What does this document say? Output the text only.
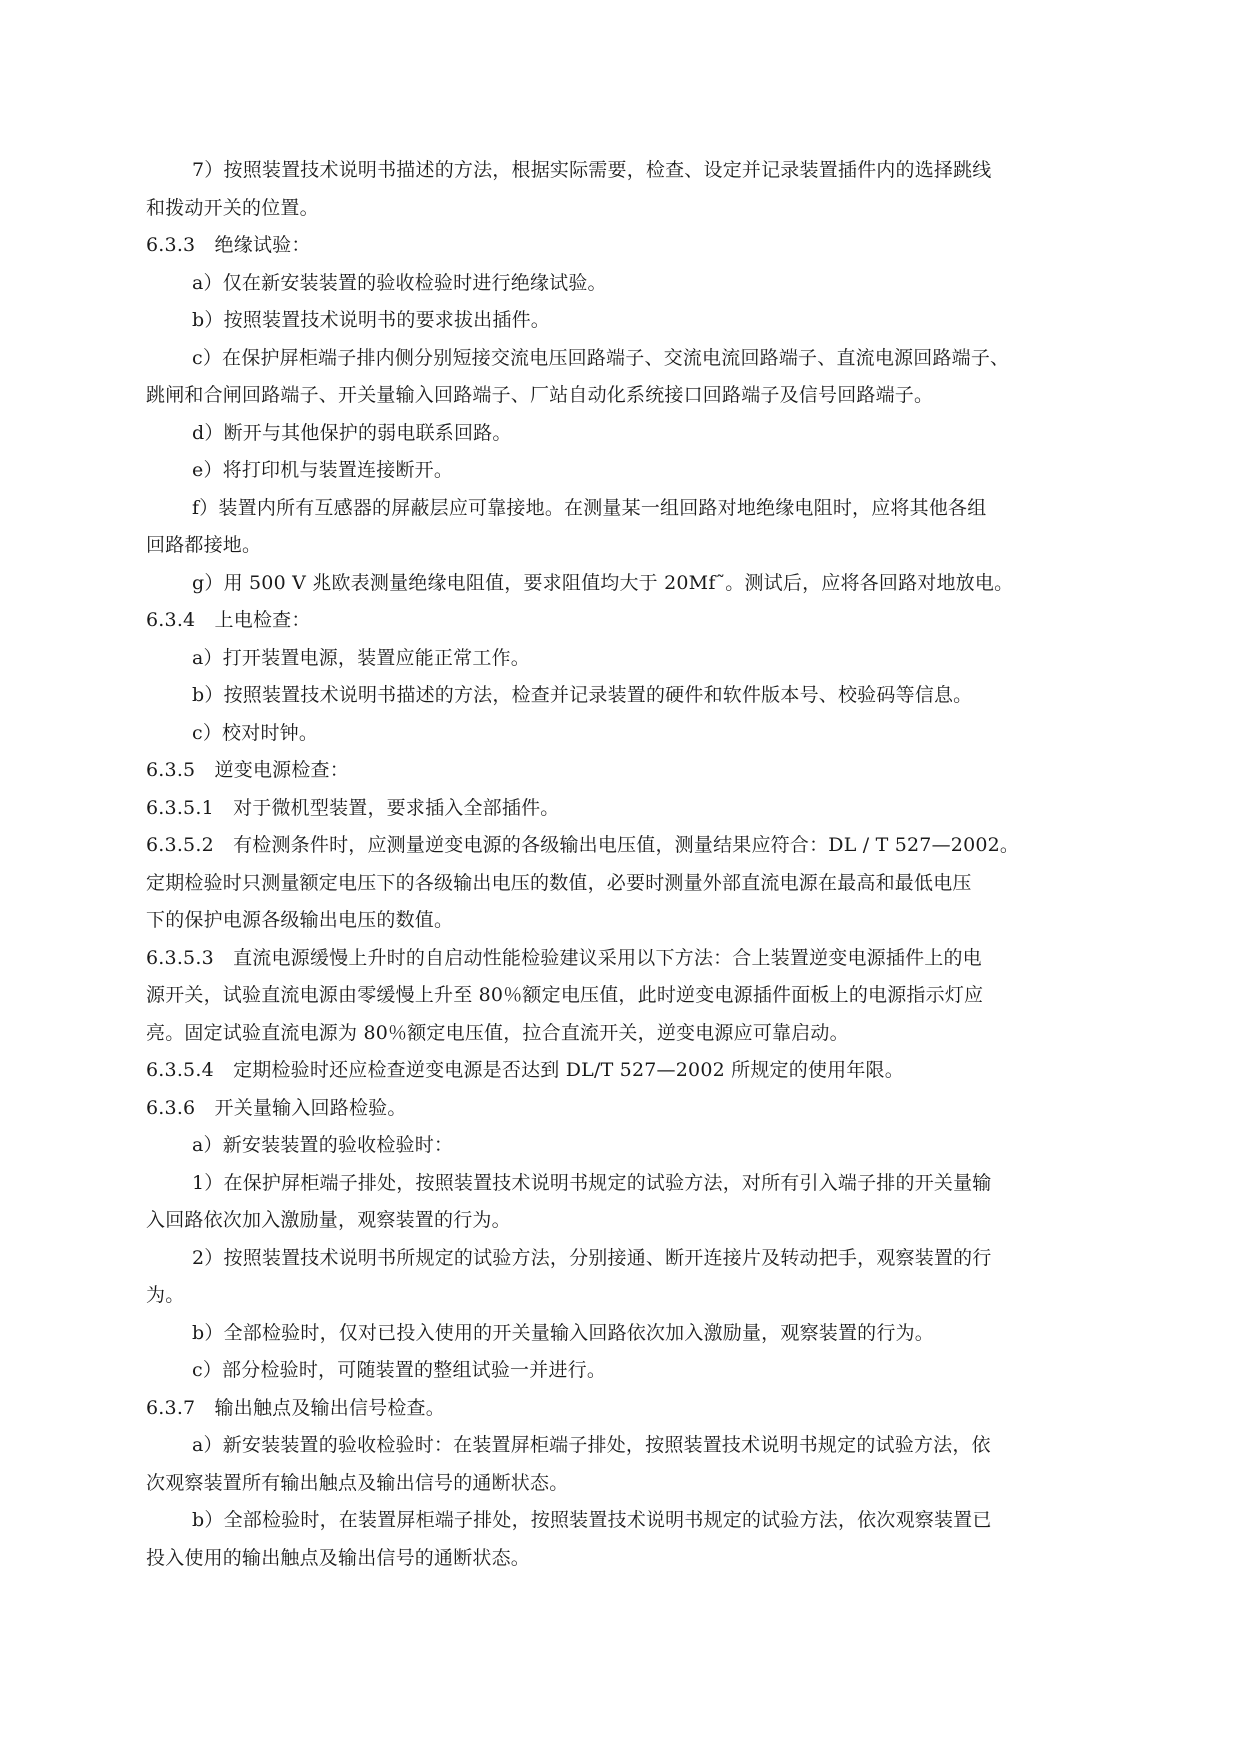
7）按照装置技术说明书描述的方法，根据实际需要，检查、设定并记录装置插件内的选择跳线
和拨动开关的位置。
6.3.3　绝缘试验：
a）仅在新安装装置的验收检验时进行绝缘试验。
b）按照装置技术说明书的要求拔出插件。
c）在保护屏柜端子排内侧分别短接交流电压回路端子、交流电流回路端子、直流电源回路端子、
跳闸和合闸回路端子、开关量输入回路端子、厂站自动化系统接口回路端子及信号回路端子。
d）断开与其他保护的弱电联系回路。
e）将打印机与装置连接断开。
f）装置内所有互感器的屏蔽层应可靠接地。在测量某一组回路对地绝缘电阻时，应将其他各组
回路都接地。
g）用 500 V 兆欧表测量绝缘电阻值，要求阻值均大于 20Mf˜。测试后，应将各回路对地放电。
6.3.4　上电检查：
a）打开装置电源，装置应能正常工作。
b）按照装置技术说明书描述的方法，检查并记录装置的硬件和软件版本号、校验码等信息。
c）校对时钟。
6.3.5　逆变电源检查：
6.3.5.1　对于微机型装置，要求插入全部插件。
6.3.5.2　有检测条件时，应测量逆变电源的各级输出电压值，测量结果应符合：DL / T 527—2002。
定期检验时只测量额定电压下的各级输出电压的数值，必要时测量外部直流电源在最高和最低电压
下的保护电源各级输出电压的数值。
6.3.5.3　直流电源缓慢上升时的自启动性能检验建议采用以下方法：合上装置逆变电源插件上的电
源开关，试验直流电源由零缓慢上升至 80％额定电压值，此时逆变电源插件面板上的电源指示灯应
亮。固定试验直流电源为 80％额定电压值，拉合直流开关，逆变电源应可靠启动。
6.3.5.4　定期检验时还应检查逆变电源是否达到 DL/T 527—2002 所规定的使用年限。
6.3.6　开关量输入回路检验。
a）新安装装置的验收检验时：
1）在保护屏柜端子排处，按照装置技术说明书规定的试验方法，对所有引入端子排的开关量输
入回路依次加入激励量，观察装置的行为。
2）按照装置技术说明书所规定的试验方法，分别接通、断开连接片及转动把手，观察装置的行
为。
b）全部检验时，仅对已投入使用的开关量输入回路依次加入激励量，观察装置的行为。
c）部分检验时，可随装置的整组试验一并进行。
6.3.7　输出触点及输出信号检查。
a）新安装装置的验收检验时：在装置屏柜端子排处，按照装置技术说明书规定的试验方法，依
次观察装置所有输出触点及输出信号的通断状态。
b）全部检验时，在装置屏柜端子排处，按照装置技术说明书规定的试验方法，依次观察装置已
投入使用的输出触点及输出信号的通断状态。
